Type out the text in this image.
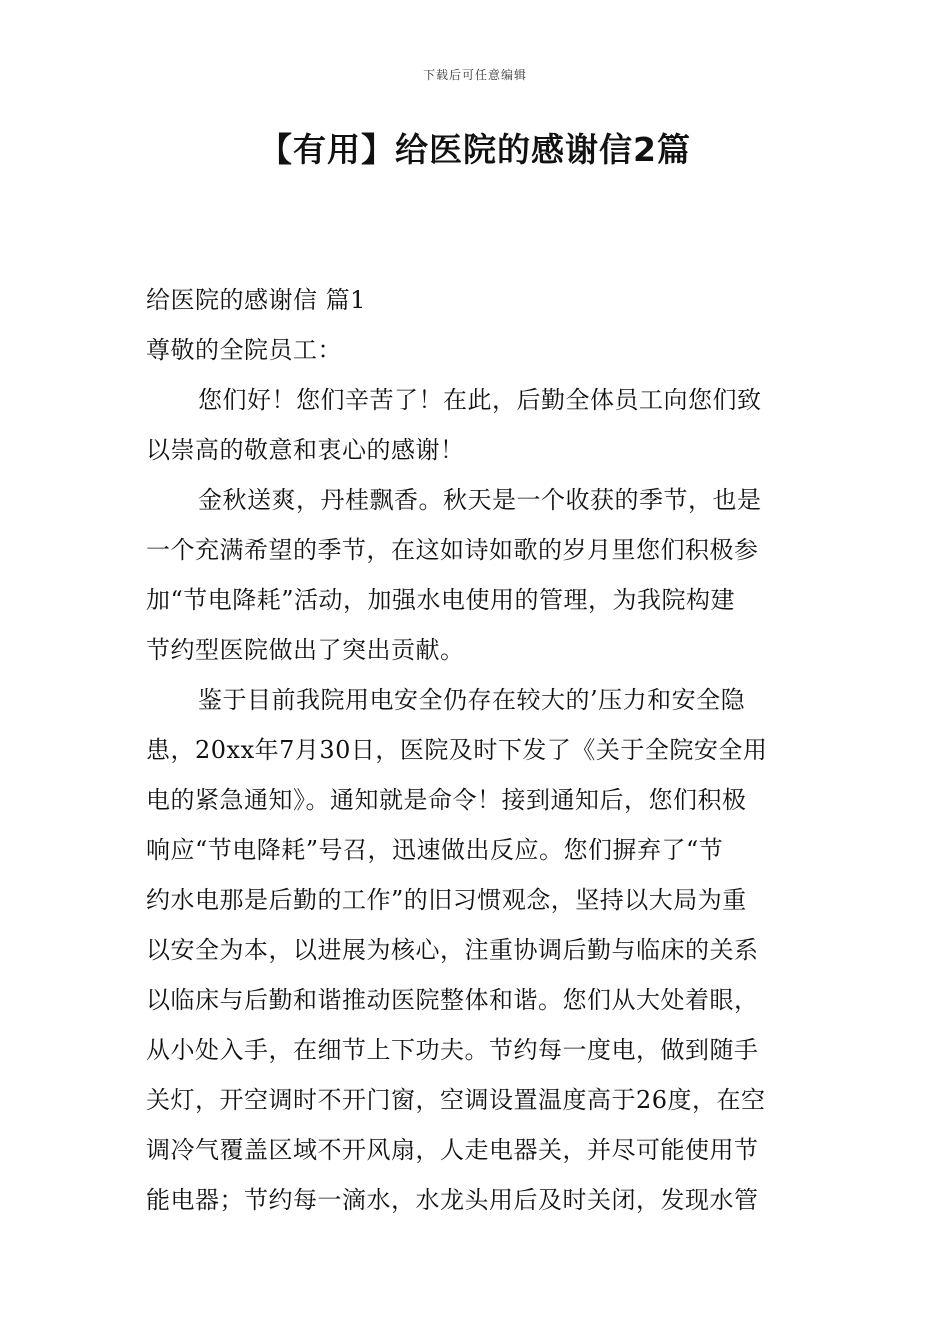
下载后可任意编辑
【有用】给医院的感谢信2篇
给医院的感谢信 篇1
尊敬的全院员工：
您们好！您们辛苦了！在此，后勤全体员工向您们致
以崇高的敬意和衷心的感谢！
金秋送爽，丹桂飘香。秋天是一个收获的季节，也是
一个充满希望的季节，在这如诗如歌的岁月里您们积极参
加“节电降耗”活动，加强水电使用的管理，为我院构建
节约型医院做出了突出贡献。
鉴于目前我院用电安全仍存在较大的’压力和安全隐
患，20xx年7月30日，医院及时下发了《关于全院安全用
电的紧急通知》。通知就是命令！接到通知后，您们积极
响应“节电降耗”号召，迅速做出反应。您们摒弃了“节
约水电那是后勤的工作”的旧习惯观念，坚持以大局为重
以安全为本，以进展为核心，注重协调后勤与临床的关系
以临床与后勤和谐推动医院整体和谐。您们从大处着眼，
从小处入手，在细节上下功夫。节约每一度电，做到随手
关灯，开空调时不开门窗，空调设置温度高于26度，在空
调冷气覆盖区域不开风扇，人走电器关，并尽可能使用节
能电器；节约每一滴水，水龙头用后及时关闭，发现水管
